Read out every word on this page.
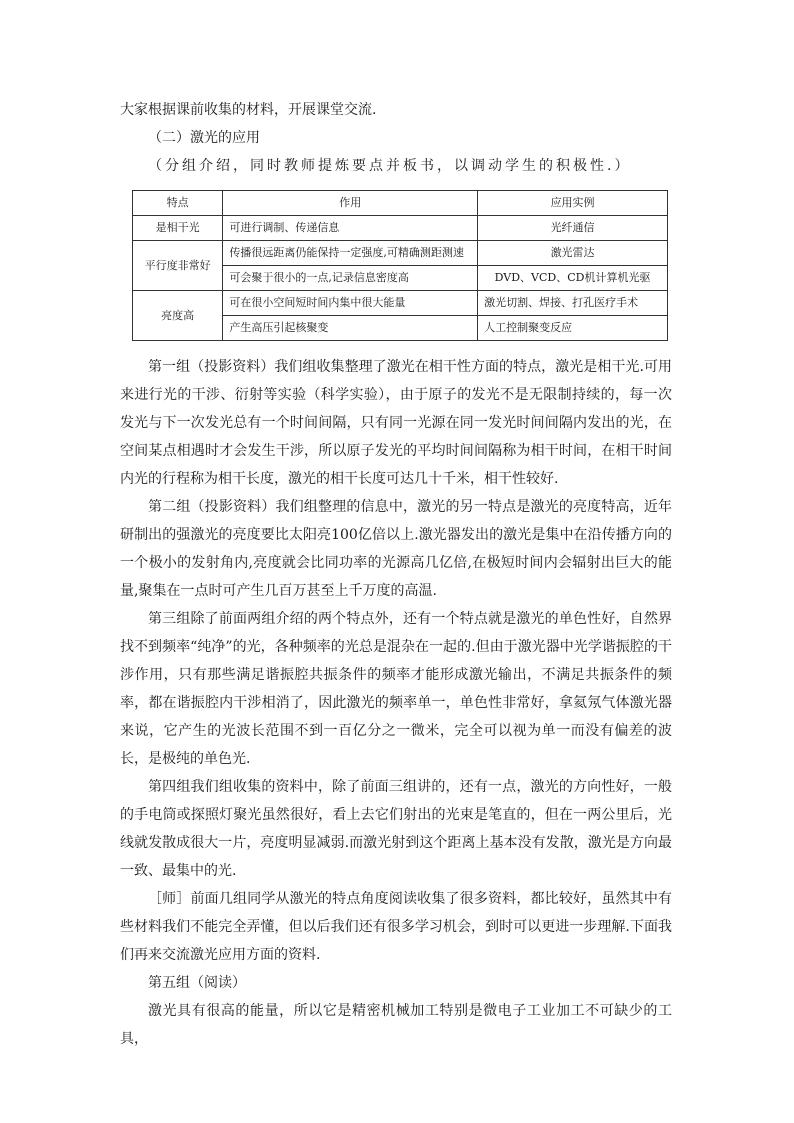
大家根据课前收集的材料，开展课堂交流.
（二）激光的应用
（分组介绍，同时教师提炼要点并板书，以调动学生的积极性.）
特点	作用	应用实例
是相干光	可进行调制、传递信息	光纤通信
平行度非常好	传播很远距离仍能保持一定强度,可精确测距测速	激光雷达
	可会聚于很小的一点,记录信息密度高	DVD、VCD、CD机计算机光驱
亮度高	可在很小空间短时间内集中很大能量	激光切割、焊接、打孔医疗手术
	产生高压引起核聚变	人工控制聚变反应

第一组（投影资料）我们组收集整理了激光在相干性方面的特点，激光是相干光.可用来进行光的干涉、衍射等实验（科学实验），由于原子的发光不是无限制持续的，每一次发光与下一次发光总有一个时间间隔，只有同一光源在同一发光时间间隔内发出的光，在空间某点相遇时才会发生干涉，所以原子发光的平均时间间隔称为相干时间，在相干时间内光的行程称为相干长度，激光的相干长度可达几十千米，相干性较好.

第二组（投影资料）我们组整理的信息中，激光的另一特点是激光的亮度特高，近年研制出的强激光的亮度要比太阳亮100亿倍以上.激光器发出的激光是集中在沿传播方向的一个极小的发射角内,亮度就会比同功率的光源高几亿倍,在极短时间内会辐射出巨大的能量,聚集在一点时可产生几百万甚至上千万度的高温.

第三组除了前面两组介绍的两个特点外，还有一个特点就是激光的单色性好，自然界找不到频率“纯净”的光，各种频率的光总是混杂在一起的.但由于激光器中光学谐振腔的干涉作用，只有那些满足谐振腔共振条件的频率才能形成激光输出，不满足共振条件的频率，都在谐振腔内干涉相消了，因此激光的频率单一，单色性非常好，拿氦氖气体激光器来说，它产生的光波长范围不到一百亿分之一微米，完全可以视为单一而没有偏差的波长，是极纯的单色光.

第四组我们组收集的资料中，除了前面三组讲的，还有一点，激光的方向性好，一般的手电筒或探照灯聚光虽然很好，看上去它们射出的光束是笔直的，但在一两公里后，光线就发散成很大一片，亮度明显减弱.而激光射到这个距离上基本没有发散，激光是方向最一致、最集中的光.

［师］前面几组同学从激光的特点角度阅读收集了很多资料，都比较好，虽然其中有些材料我们不能完全弄懂，但以后我们还有很多学习机会，到时可以更进一步理解.下面我们再来交流激光应用方面的资料.

第五组（阅读）

激光具有很高的能量，所以它是精密机械加工特别是微电子工业加工不可缺少的工具，
